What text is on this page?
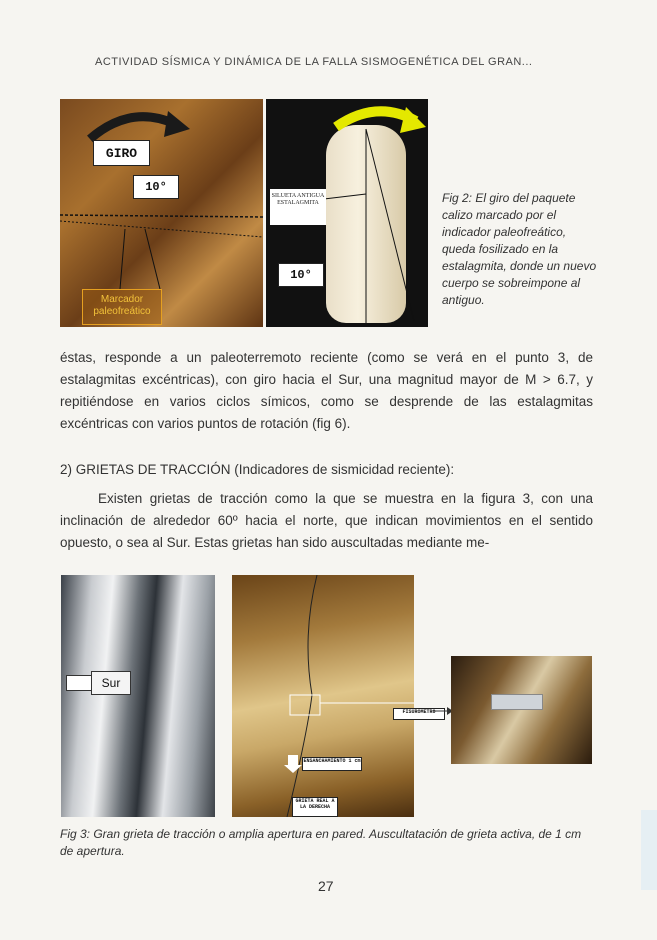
ACTIVIDAD SÍSMICA Y DINÁMICA DE LA FALLA SISMOGENÉTICA DEL GRAN...
GIRO
10°
Marcador paleofreático
SILUETA ANTIGUA ESTALAGMITA
10°
Fig 2: El giro del paquete calizo marcado por el indicador paleofreático, queda fosilizado en la estalagmita, donde un nuevo cuerpo se sobreimpone al antiguo.
éstas, responde a un paleoterremoto reciente (como se verá en el punto 3, de estalagmitas excéntricas), con giro hacia el Sur, una magnitud mayor de M > 6.7, y repitiéndose en varios ciclos símicos, como se desprende de las estalagmitas excéntricas con varios puntos de rotación (fig 6).
2) GRIETAS DE TRACCIÓN (Indicadores de sismicidad reciente):
Existen grietas de tracción como la que se muestra en la figura 3, con una inclinación de alrededor 60º hacia el norte, que indican movimientos en el sentido opuesto, o sea al Sur. Estas grietas han sido auscultadas mediante me-
Sur
ENSANCHAMIENTO 1 cm
GRIETA REAL A LA DERECHA
FISURÓMETRO
Fig 3: Gran grieta de tracción o amplia apertura en pared. Auscultatación de grieta activa, de 1 cm de apertura.
27
